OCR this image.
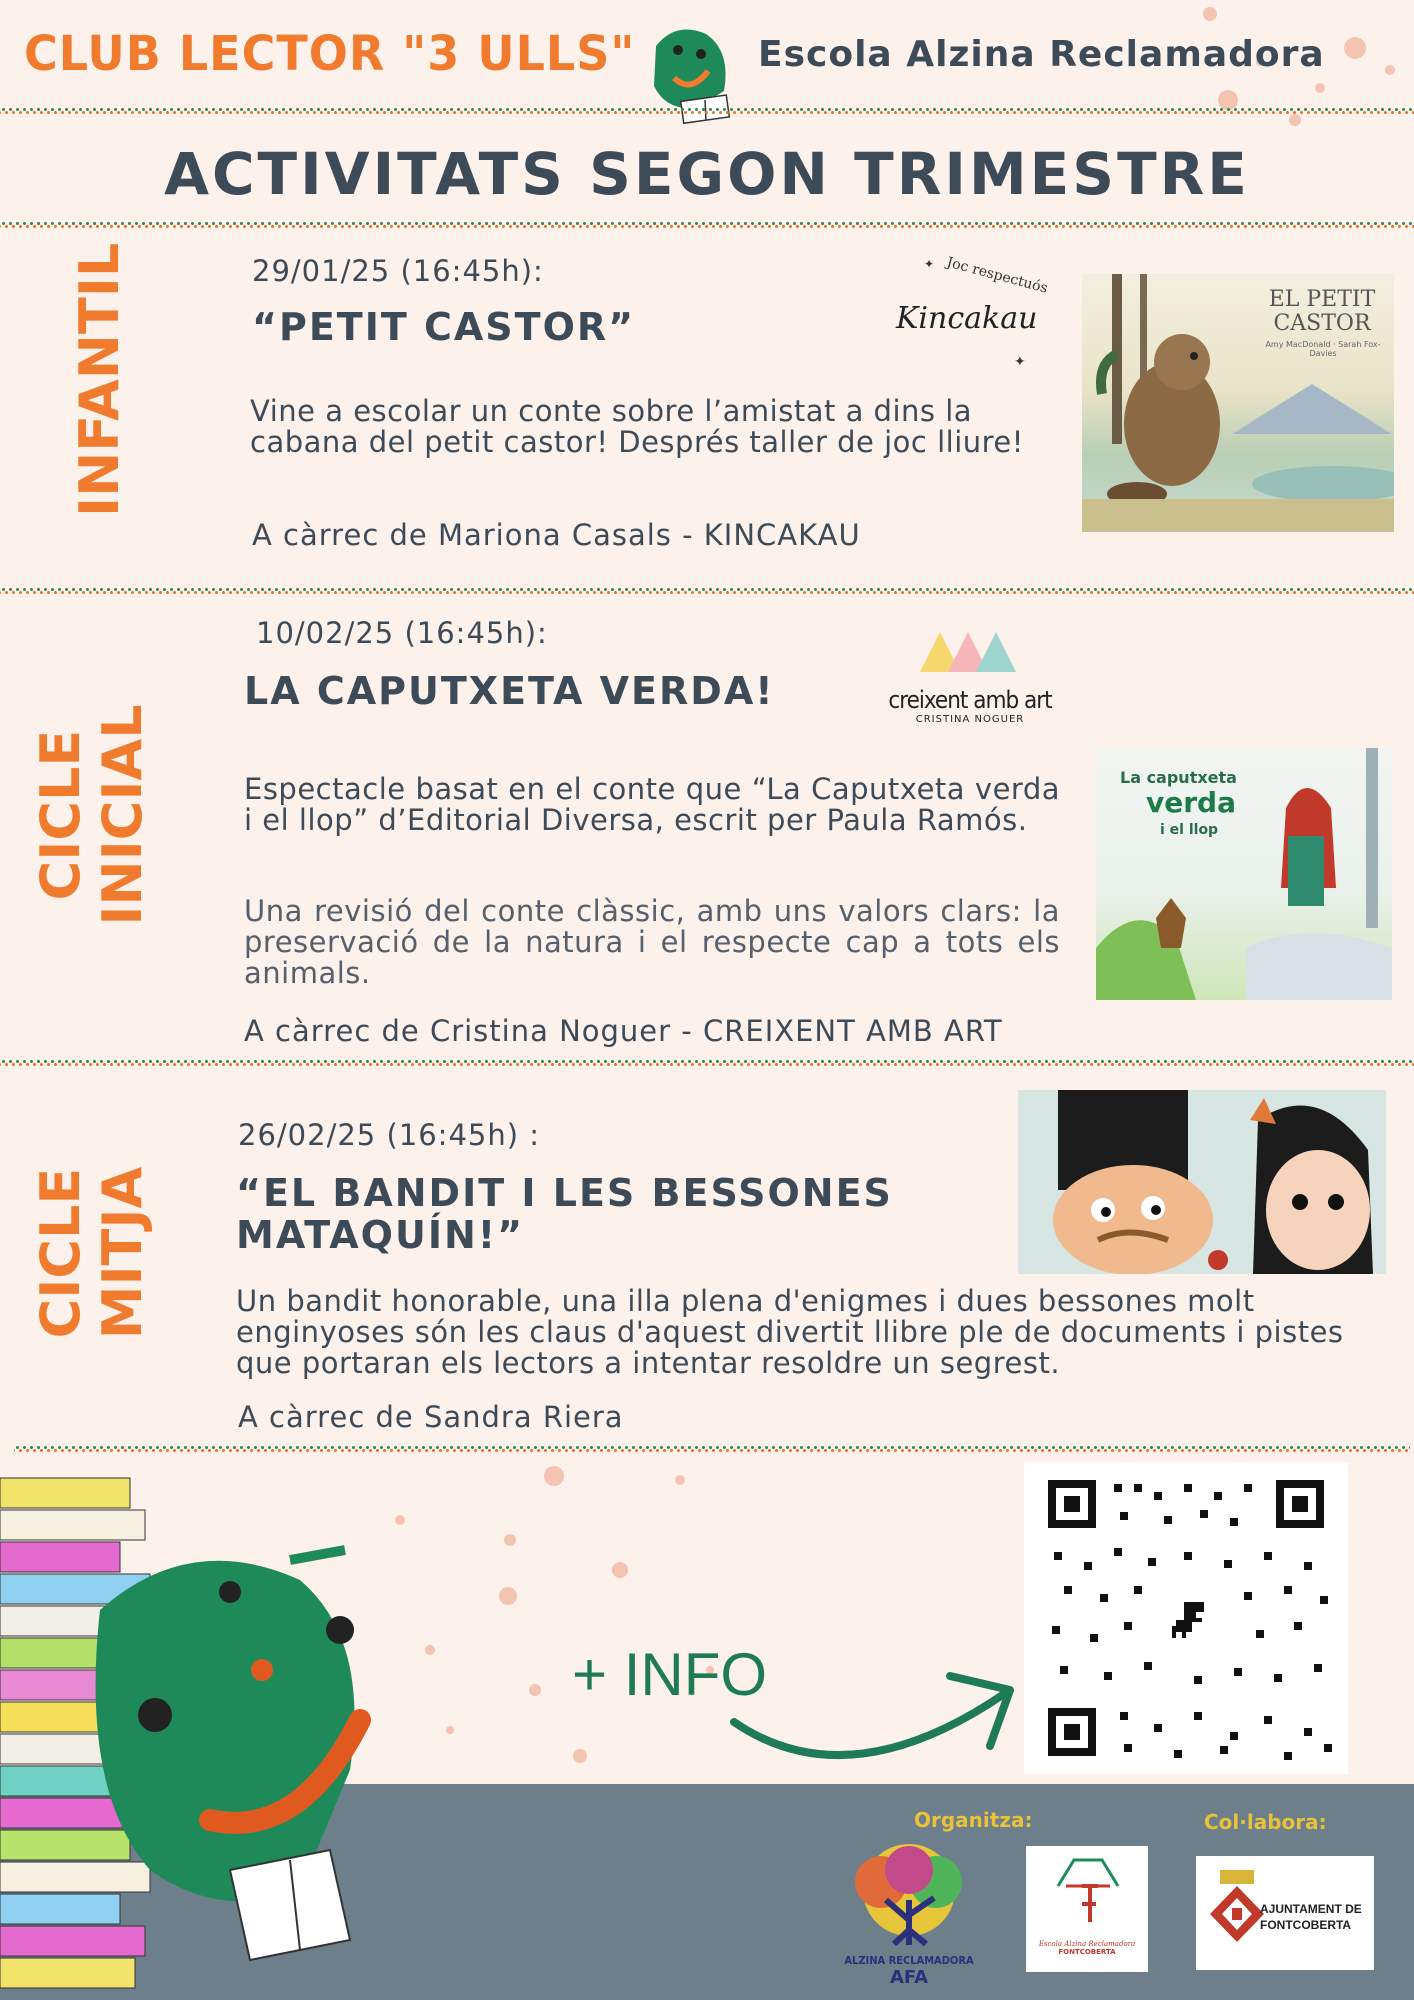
CLUB LECTOR "3 ULLS"	Escola Alzina Reclamadora
ACTIVITATS SEGON TRIMESTRE
INFANTIL	29/01/25 (16:45h):
“PETIT CASTOR”
Joc respectuós
Kincakau
✦
✦
EL PETIT CASTOR
Amy MacDonald · Sarah Fox-Davies
Vine a escolar un conte sobre l’amistat a dins la cabana del petit castor! Després taller de joc lliure!
A càrrec de Mariona Casals - KINCAKAU
CICLE INICIAL
10/02/25 (16:45h):
LA CAPUTXETA VERDA!	creixent amb art
CRISTINA NOGUER
La caputxeta
verda
i el llop
Espectacle basat en el conte que “La Caputxeta verda i el llop” d’Editorial Diversa, escrit per Paula Ramós.
Una revisió del conte clàssic, amb uns valors clars: la preservació de la natura i el respecte cap a tots els animals.
A càrrec de Cristina Noguer - CREIXENT AMB ART
CICLE MITJA
26/02/25 (16:45h) :
“EL BANDIT I LES BESSONES MATAQUÍN!”
Un bandit honorable, una illa plena d'enigmes i dues bessones molt enginyoses són les claus d'aquest divertit llibre ple de documents i pistes que portaran els lectors a intentar resoldre un segrest.
A càrrec de Sandra Riera
+ INFO
Organitza:	Col·labora:
ALZINA RECLAMADORA
AFA
Escola Alzina Reclamadora
FONTCOBERTA
AJUNTAMENT DE
FONTCOBERTA
